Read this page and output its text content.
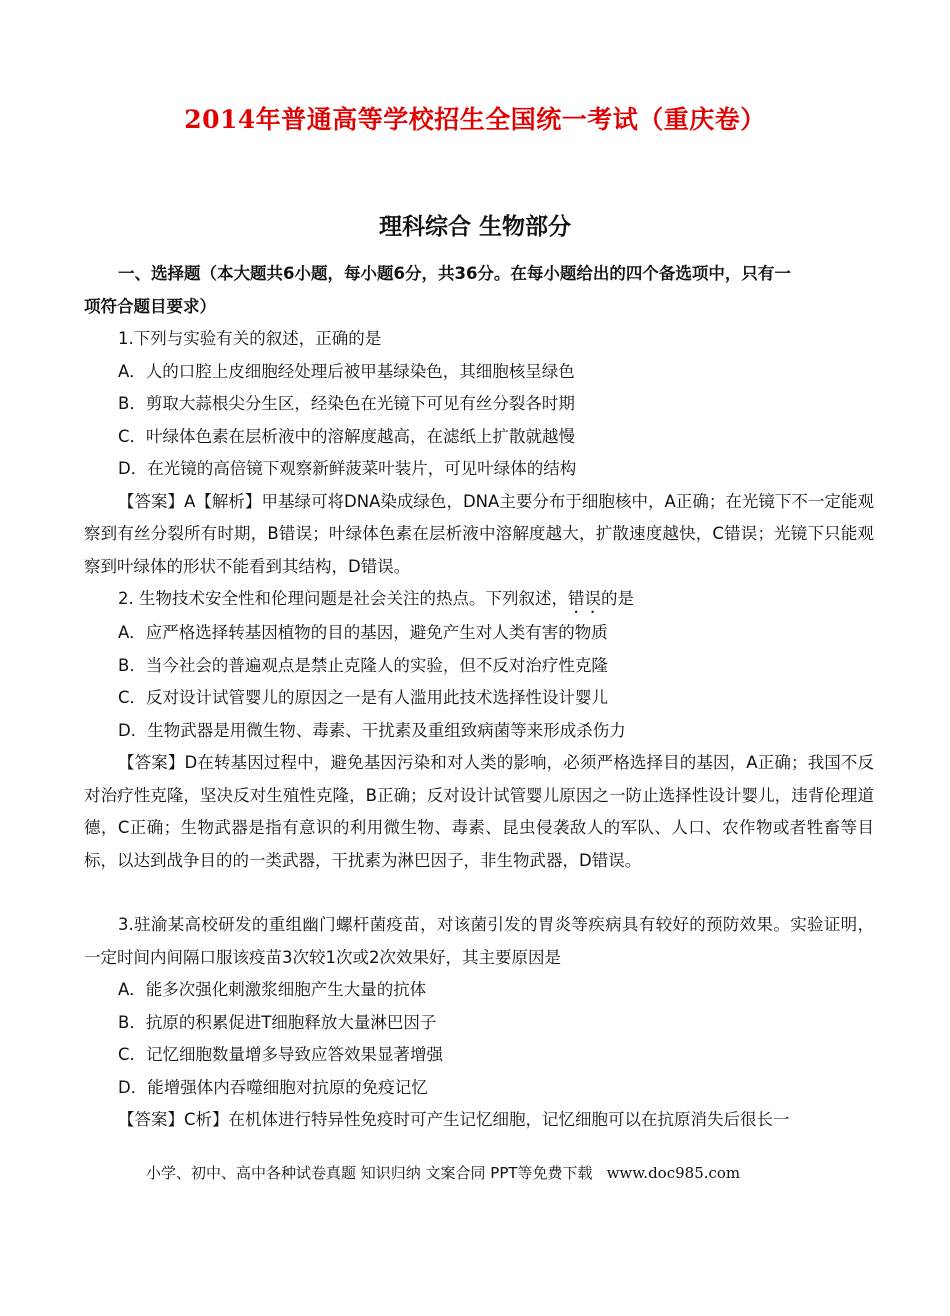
2014年普通高等学校招生全国统一考试（重庆卷）
理科综合 生物部分
一、选择题（本大题共6小题，每小题6分，共36分。在每小题给出的四个备选项中，只有一
项符合题目要求）
1.下列与实验有关的叙述，正确的是
A．人的口腔上皮细胞经处理后被甲基绿染色，其细胞核呈绿色
B．剪取大蒜根尖分生区，经染色在光镜下可见有丝分裂各时期
C．叶绿体色素在层析液中的溶解度越高，在滤纸上扩散就越慢
D．在光镜的高倍镜下观察新鲜菠菜叶装片，可见叶绿体的结构
【答案】A【解析】甲基绿可将DNA染成绿色，DNA主要分布于细胞核中，A正确；在光镜下不一定能观察到有丝分裂所有时期，B错误；叶绿体色素在层析液中溶解度越大，扩散速度越快，C错误；光镜下只能观察到叶绿体的形状不能看到其结构，D错误。
2. 生物技术安全性和伦理问题是社会关注的热点。下列叙述，错误的是
A．应严格选择转基因植物的目的基因，避免产生对人类有害的物质
B．当今社会的普遍观点是禁止克隆人的实验，但不反对治疗性克隆
C．反对设计试管婴儿的原因之一是有人滥用此技术选择性设计婴儿
D．生物武器是用微生物、毒素、干扰素及重组致病菌等来形成杀伤力
【答案】D在转基因过程中，避免基因污染和对人类的影响，必须严格选择目的基因，A正确；我国不反对治疗性克隆，坚决反对生殖性克隆，B正确；反对设计试管婴儿原因之一防止选择性设计婴儿，违背伦理道德，C正确；生物武器是指有意识的利用微生物、毒素、昆虫侵袭敌人的军队、人口、农作物或者牲畜等目标，以达到战争目的的一类武器，干扰素为淋巴因子，非生物武器，D错误。
3.驻渝某高校研发的重组幽门螺杆菌疫苗，对该菌引发的胃炎等疾病具有较好的预防效果。实验证明，一定时间内间隔口服该疫苗3次较1次或2次效果好，其主要原因是
A．能多次强化刺激浆细胞产生大量的抗体
B．抗原的积累促进T细胞释放大量淋巴因子
C．记忆细胞数量增多导致应答效果显著增强
D．能增强体内吞噬细胞对抗原的免疫记忆
【答案】C析】在机体进行特异性免疫时可产生记忆细胞，记忆细胞可以在抗原消失后很长一
小学、初中、高中各种试卷真题 知识归纳 文案合同 PPT等免费下载 www.doc985.com
